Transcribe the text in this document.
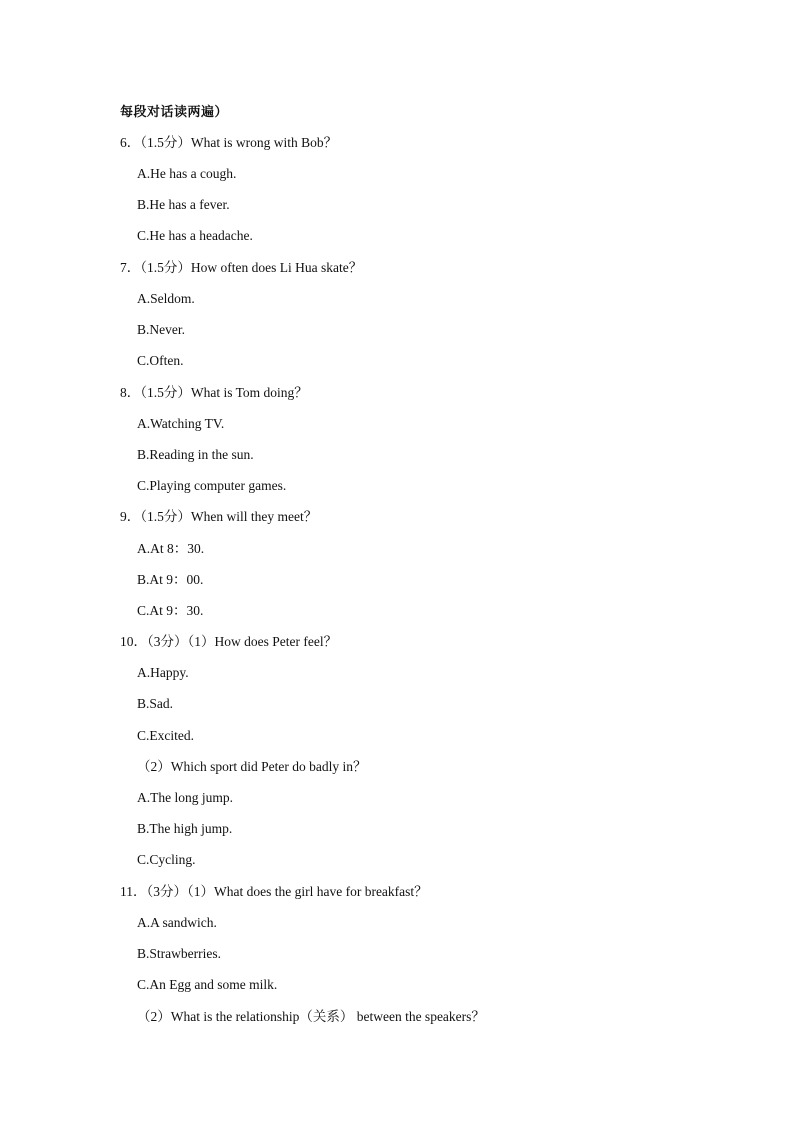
每段对话读两遍）
6．（1.5分）What is wrong with Bob？
A.He has a cough.
B.He has a fever.
C.He has a headache.
7．（1.5分）How often does Li Hua skate？
A.Seldom.
B.Never.
C.Often.
8．（1.5分）What is Tom doing？
A.Watching TV.
B.Reading in the sun.
C.Playing computer games.
9．（1.5分）When will they meet？
A.At 8：30.
B.At 9：00.
C.At 9：30.
10．（3分）（1）How does Peter feel？
A.Happy.
B.Sad.
C.Excited.
（2）Which sport did Peter do badly in？
A.The long jump.
B.The high jump.
C.Cycling.
11．（3分）（1）What does the girl have for breakfast？
A.A sandwich.
B.Strawberries.
C.An Egg and some milk.
（2）What is the relationship（关系） between the speakers？
